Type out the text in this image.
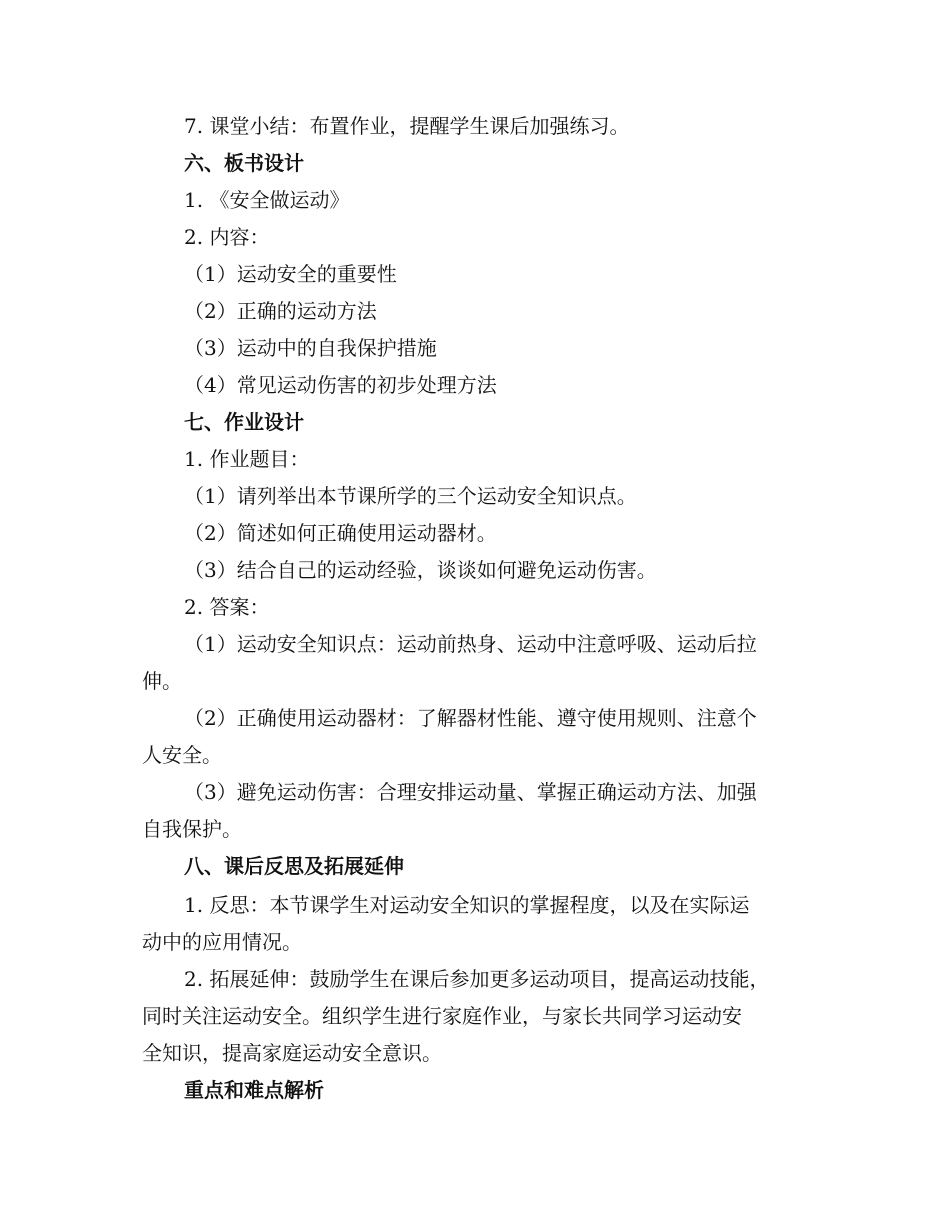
7. 课堂小结：布置作业，提醒学生课后加强练习。
六、板书设计
1. 《安全做运动》
2. 内容：
（1）运动安全的重要性
（2）正确的运动方法
（3）运动中的自我保护措施
（4）常见运动伤害的初步处理方法
七、作业设计
1. 作业题目：
（1）请列举出本节课所学的三个运动安全知识点。
（2）简述如何正确使用运动器材。
（3）结合自己的运动经验，谈谈如何避免运动伤害。
2. 答案：
（1）运动安全知识点：运动前热身、运动中注意呼吸、运动后拉
伸。
（2）正确使用运动器材：了解器材性能、遵守使用规则、注意个
人安全。
（3）避免运动伤害：合理安排运动量、掌握正确运动方法、加强
自我保护。
八、课后反思及拓展延伸
1. 反思：本节课学生对运动安全知识的掌握程度，以及在实际运
动中的应用情况。
2. 拓展延伸：鼓励学生在课后参加更多运动项目，提高运动技能，
同时关注运动安全。组织学生进行家庭作业，与家长共同学习运动安
全知识，提高家庭运动安全意识。
重点和难点解析
